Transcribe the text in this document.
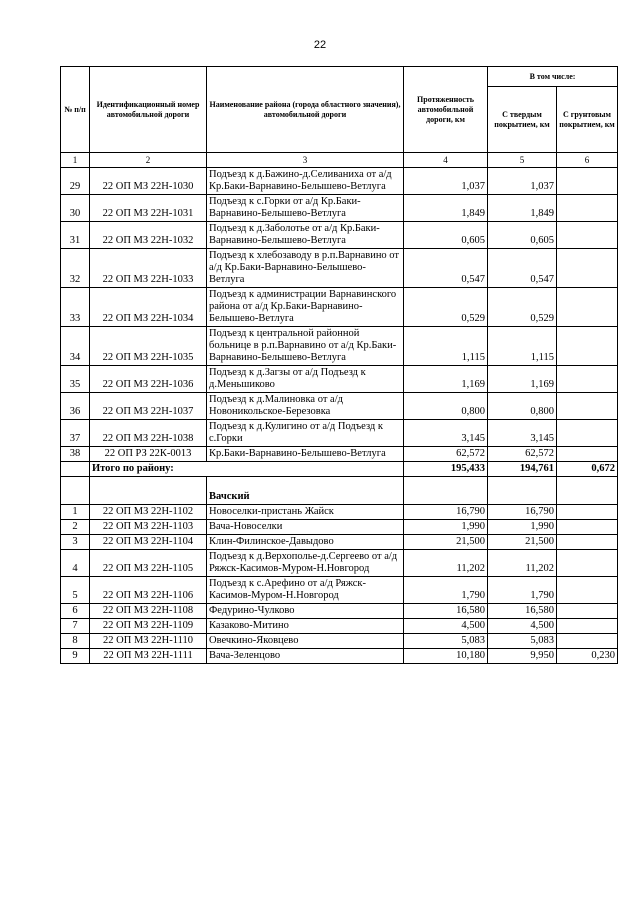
22
№ п/п	Идентификационный номер автомобильной дороги	Наименование района (города областного значения), автомобильной дороги	Протяженность автомобильной дороги, км	В том числе:	
				С твердым покрытием, км	С грунтовым покрытием, км
1	2	3	4	5	6
29	22 ОП МЗ 22Н-1030	Подъезд к д.Бажино-д.Селиваниха от а/д Кр.Баки-Варнавино-Белышево-Ветлуга	1,037	1,037	
30	22 ОП МЗ 22Н-1031	Подъезд к с.Горки от а/д Кр.Баки-Варнавино-Белышево-Ветлуга	1,849	1,849	
31	22 ОП МЗ 22Н-1032	Подъезд к д.Заболотье от а/д Кр.Баки-Варнавино-Белышево-Ветлуга	0,605	0,605	
32	22 ОП МЗ 22Н-1033	Подъезд к хлебозаводу в р.п.Варнавино от а/д Кр.Баки-Варнавино-Белышево-Ветлуга	0,547	0,547	
33	22 ОП МЗ 22Н-1034	Подъезд к администрации Варнавинского района от а/д Кр.Баки-Варнавино-Белышево-Ветлуга	0,529	0,529	
34	22 ОП МЗ 22Н-1035	Подъезд к центральной районной больнице в р.п.Варнавино от а/д Кр.Баки-Варнавино-Белышево-Ветлуга	1,115	1,115	
35	22 ОП МЗ 22Н-1036	Подъезд к д.Загзы от а/д Подъезд к д.Меньшиково	1,169	1,169	
36	22 ОП МЗ 22Н-1037	Подъезд к д.Малиновка от а/д Новоникольское-Березовка	0,800	0,800	
37	22 ОП МЗ 22Н-1038	Подъезд к д.Кулигино от а/д Подъезд к с.Горки	3,145	3,145	
38	22 ОП РЗ 22К-0013	Кр.Баки-Варнавино-Белышево-Ветлуга	62,572	62,572	
	Итого по району:		195,433	194,761	0,672
		Вачский			
1	22 ОП МЗ 22Н-1102	Новоселки-пристань Жайск	16,790	16,790	
2	22 ОП МЗ 22Н-1103	Вача-Новоселки	1,990	1,990	
3	22 ОП МЗ 22Н-1104	Клин-Филинское-Давыдово	21,500	21,500	
4	22 ОП МЗ 22Н-1105	Подъезд к д.Верхополье-д.Сергеево от а/д Ряжск-Касимов-Муром-Н.Новгород	11,202	11,202	
5	22 ОП МЗ 22Н-1106	Подъезд к с.Арефино от а/д Ряжск-Касимов-Муром-Н.Новгород	1,790	1,790	
6	22 ОП МЗ 22Н-1108	Федурино-Чулково	16,580	16,580	
7	22 ОП МЗ 22Н-1109	Казаково-Митино	4,500	4,500	
8	22 ОП МЗ 22Н-1110	Овечкино-Яковцево	5,083	5,083	
9	22 ОП МЗ 22Н-1111	Вача-Зеленцово	10,180	9,950	0,230
